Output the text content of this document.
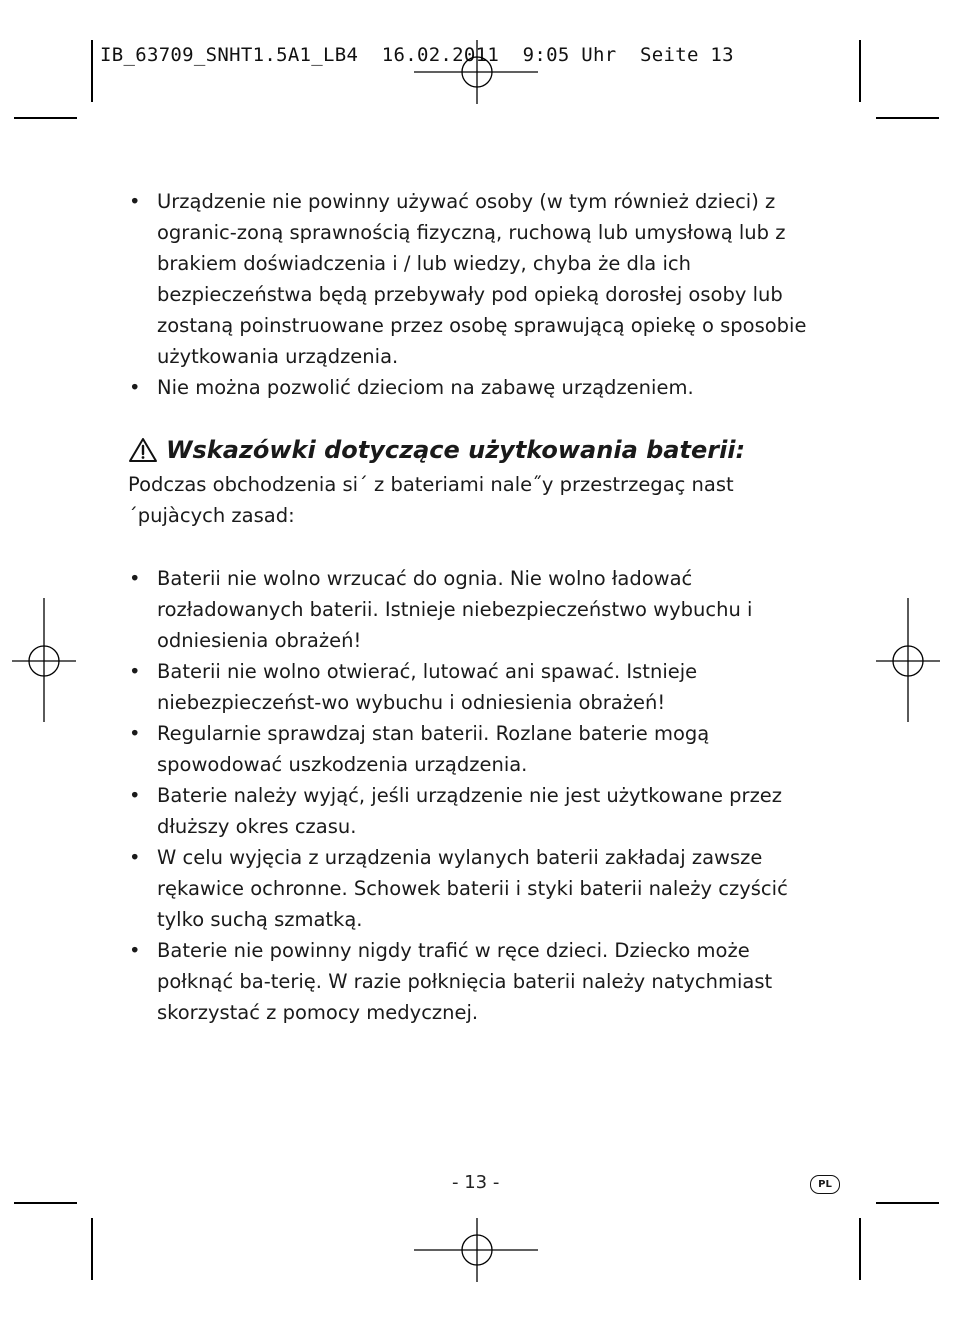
IB_63709_SNHT1.5A1_LB4  16.02.2011  9:05 Uhr  Seite 13
• Urządzenie nie powinny używać osoby (w tym również dzieci) z ogranic-zoną sprawnością fizyczną, ruchową lub umysłową lub z brakiem doświadczenia i / lub wiedzy, chyba że dla ich bezpieczeństwa będą przebywały pod opieką dorosłej osoby lub zostaną poinstruowane przez osobę sprawującą opiekę o sposobie użytkowania urządzenia.
• Nie można pozwolić dzieciom na zabawę urządzeniem.
Wskazówki dotyczące użytkowania baterii:

Podczas obchodzenia si´ z bateriami nale˝y przestrzegaç nast´pujàcych zasad:

• Baterii nie wolno wrzucać do ognia. Nie wolno ładować rozładowanych baterii. Istnieje niebezpieczeństwo wybuchu i odniesienia obrażeń!
• Baterii nie wolno otwierać, lutować ani spawać. Istnieje niebezpieczeńst-wo wybuchu i odniesienia obrażeń!
• Regularnie sprawdzaj stan baterii. Rozlane baterie mogą spowodować uszkodzenia urządzenia.
• Baterie należy wyjąć, jeśli urządzenie nie jest użytkowane przez dłuższy okres czasu.
• W celu wyjęcia z urządzenia wylanych baterii zakładaj zawsze rękawice ochronne. Schowek baterii i styki baterii należy czyścić tylko suchą szmatką.
• Baterie nie powinny nigdy trafić w ręce dzieci. Dziecko może połknąć ba-terię. W razie połknięcia baterii należy natychmiast skorzystać z pomocy medycznej.
- 13 -	PL
